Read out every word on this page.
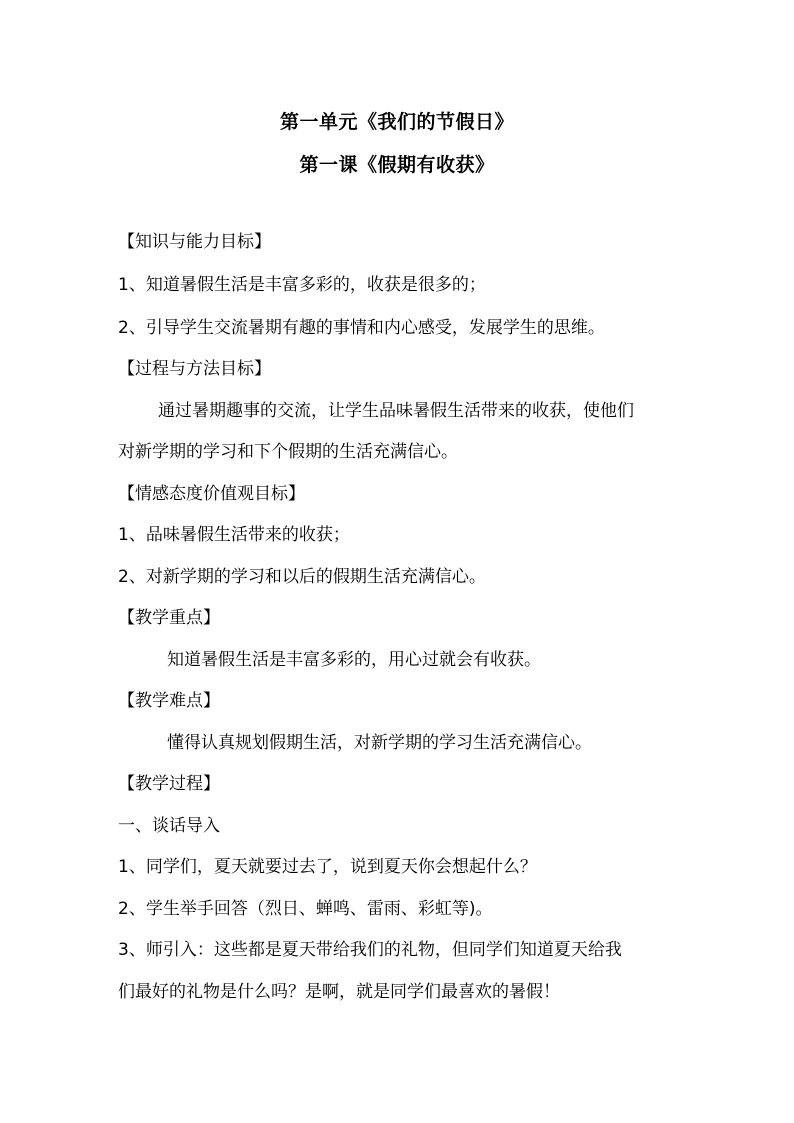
第一单元《我们的节假日》
第一课《假期有收获》
【知识与能力目标】
1、知道暑假生活是丰富多彩的，收获是很多的；
2、引导学生交流暑期有趣的事情和内心感受，发展学生的思维。
【过程与方法目标】
通过暑期趣事的交流，让学生品味暑假生活带来的收获，使他们
对新学期的学习和下个假期的生活充满信心。
【情感态度价值观目标】
1、品味暑假生活带来的收获；
2、对新学期的学习和以后的假期生活充满信心。
【教学重点】
知道暑假生活是丰富多彩的，用心过就会有收获。
【教学难点】
懂得认真规划假期生活，对新学期的学习生活充满信心。
【教学过程】
一、谈话导入
1、同学们，夏天就要过去了，说到夏天你会想起什么？
2、学生举手回答（烈日、蝉鸣、雷雨、彩虹等)。
3、师引入：这些都是夏天带给我们的礼物，但同学们知道夏天给我
们最好的礼物是什么吗？是啊，就是同学们最喜欢的暑假！
